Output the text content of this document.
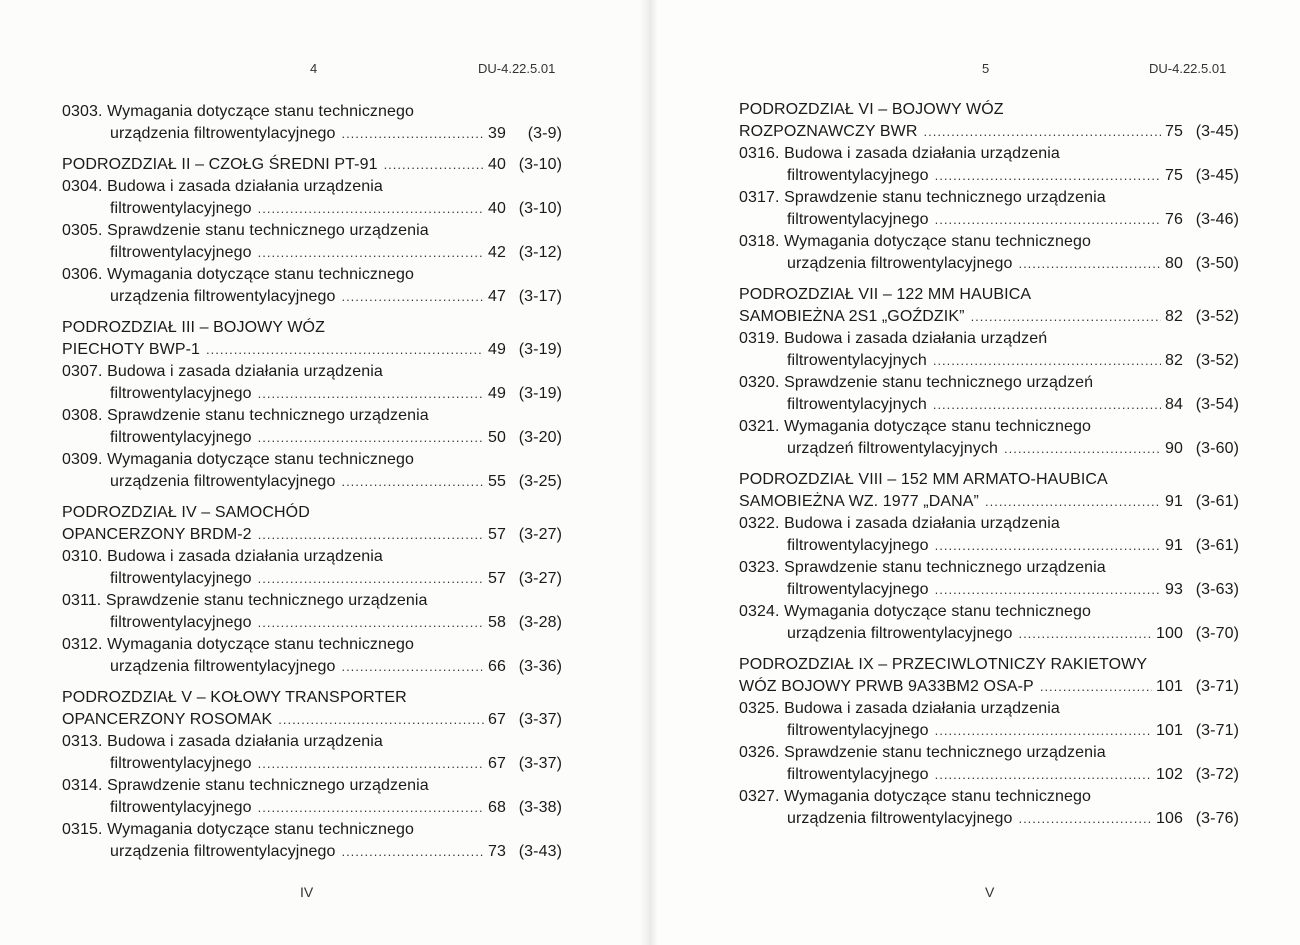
4	DU-4.22.5.01
0303. Wymagania dotyczące stanu technicznego
urządzenia filtrowentylacyjnego .....	39	(3-9)
PODROZDZIAŁ II – CZOŁG ŚREDNI PT-91 .....	40 (3-10)
0304. Budowa i zasada działania urządzenia
filtrowentylacyjnego .....	40 (3-10)
0305. Sprawdzenie stanu technicznego urządzenia
filtrowentylacyjnego .....	42 (3-12)
0306. Wymagania dotyczące stanu technicznego
urządzenia filtrowentylacyjnego .....	47 (3-17)
PODROZDZIAŁ III – BOJOWY WÓZ
PIECHOTY BWP-1 .....	49 (3-19)
0307. Budowa i zasada działania urządzenia
filtrowentylacyjnego .....	49 (3-19)
0308. Sprawdzenie stanu technicznego urządzenia
filtrowentylacyjnego .....	50 (3-20)
0309. Wymagania dotyczące stanu technicznego
urządzenia filtrowentylacyjnego .....	55 (3-25)
PODROZDZIAŁ IV – SAMOCHÓD
OPANCERZONY BRDM-2 .....	57 (3-27)
0310. Budowa i zasada działania urządzenia
filtrowentylacyjnego .....	57 (3-27)
0311. Sprawdzenie stanu technicznego urządzenia
filtrowentylacyjnego .....	58 (3-28)
0312. Wymagania dotyczące stanu technicznego
urządzenia filtrowentylacyjnego .....	66 (3-36)
PODROZDZIAŁ V – KOŁOWY TRANSPORTER
OPANCERZONY ROSOMAK .....	67 (3-37)
0313. Budowa i zasada działania urządzenia
filtrowentylacyjnego .....	67 (3-37)
0314. Sprawdzenie stanu technicznego urządzenia
filtrowentylacyjnego .....	68 (3-38)
0315. Wymagania dotyczące stanu technicznego
urządzenia filtrowentylacyjnego .....	73 (3-43)
IV
5	DU-4.22.5.01
PODROZDZIAŁ VI – BOJOWY WÓZ
ROZPOZNAWCZY BWR .....	75 (3-45)
0316. Budowa i zasada działania urządzenia
filtrowentylacyjnego .....	75 (3-45)
0317. Sprawdzenie stanu technicznego urządzenia
filtrowentylacyjnego .....	76 (3-46)
0318. Wymagania dotyczące stanu technicznego
urządzenia filtrowentylacyjnego .....	80 (3-50)
PODROZDZIAŁ VII – 122 MM HAUBICA
SAMOBIEŻNA 2S1 „GOŹDZIK” .....	82 (3-52)
0319. Budowa i zasada działania urządzeń
filtrowentylacyjnych .....	82 (3-52)
0320. Sprawdzenie stanu technicznego urządzeń
filtrowentylacyjnych .....	84 (3-54)
0321. Wymagania dotyczące stanu technicznego
urządzeń filtrowentylacyjnych .....	90 (3-60)
PODROZDZIAŁ VIII – 152 MM ARMATO-HAUBICA
SAMOBIEŻNA WZ. 1977 „DANA” .....	91 (3-61)
0322. Budowa i zasada działania urządzenia
filtrowentylacyjnego .....	91 (3-61)
0323. Sprawdzenie stanu technicznego urządzenia
filtrowentylacyjnego .....	93 (3-63)
0324. Wymagania dotyczące stanu technicznego
urządzenia filtrowentylacyjnego .....	100 (3-70)
PODROZDZIAŁ IX – PRZECIWLOTNICZY RAKIETOWY
WÓZ BOJOWY PRWB 9A33BM2 OSA-P .....	101 (3-71)
0325. Budowa i zasada działania urządzenia
filtrowentylacyjnego .....	101 (3-71)
0326. Sprawdzenie stanu technicznego urządzenia
filtrowentylacyjnego .....	102 (3-72)
0327. Wymagania dotyczące stanu technicznego
urządzenia filtrowentylacyjnego .....	106 (3-76)
V
